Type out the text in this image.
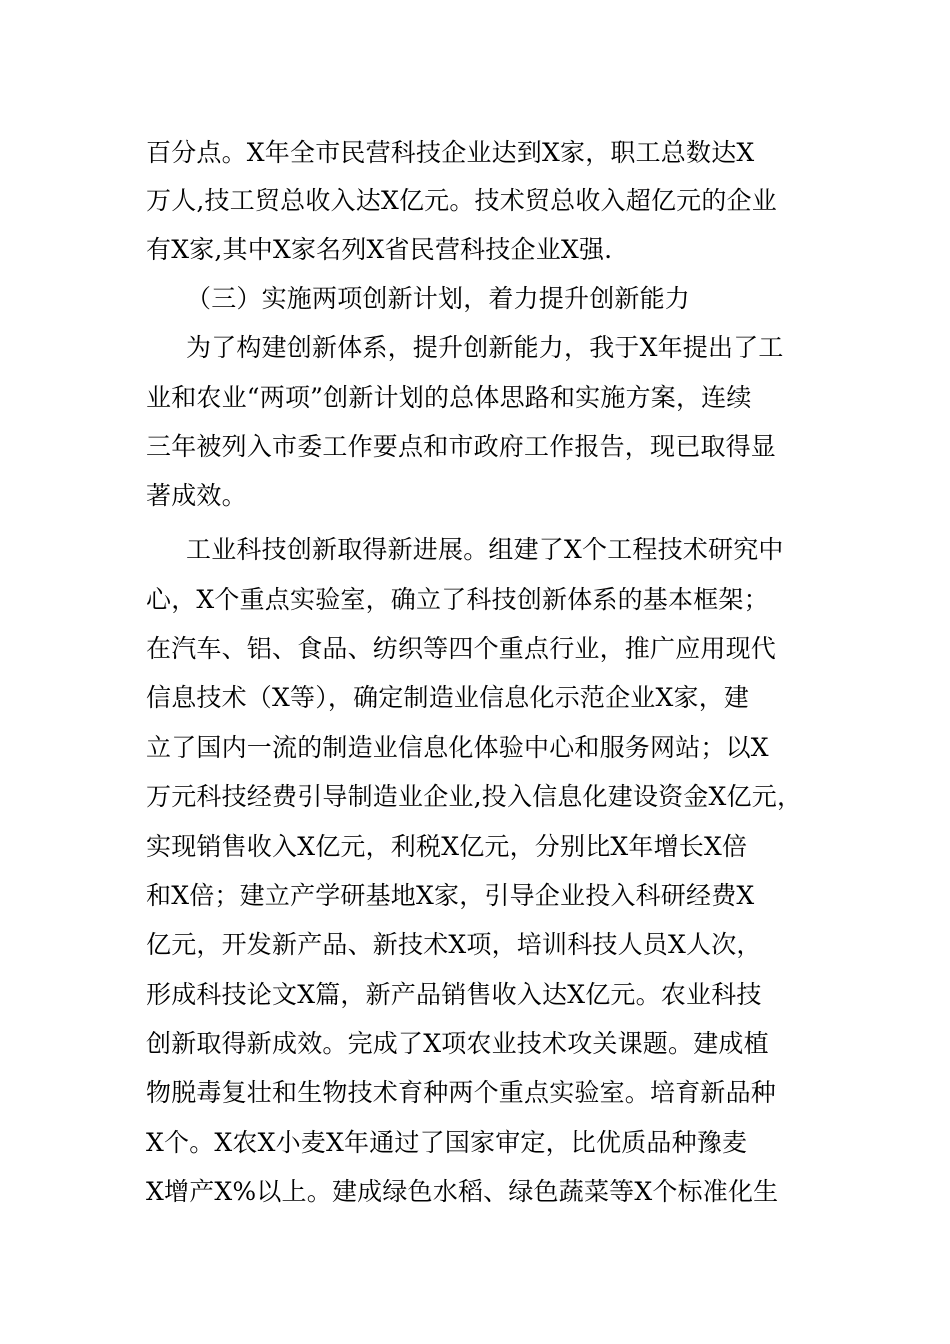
百分点。X年全市民营科技企业达到X家，职工总数达X
万人,技工贸总收入达X亿元。技术贸总收入超亿元的企业
有X家,其中X家名列X省民营科技企业X强.
（三）实施两项创新计划，着力提升创新能力
为了构建创新体系，提升创新能力，我于X年提出了工
业和农业“两项”创新计划的总体思路和实施方案，连续
三年被列入市委工作要点和市政府工作报告，现已取得显
著成效。
工业科技创新取得新进展。组建了X个工程技术研究中
心，X个重点实验室，确立了科技创新体系的基本框架；
在汽车、铝、食品、纺织等四个重点行业，推广应用现代
信息技术（X等），确定制造业信息化示范企业X家，建
立了国内一流的制造业信息化体验中心和服务网站；以X
万元科技经费引导制造业企业,投入信息化建设资金X亿元，
实现销售收入X亿元，利税X亿元，分别比X年增长X倍
和X倍；建立产学研基地X家，引导企业投入科研经费X
亿元，开发新产品、新技术X项，培训科技人员X人次，
形成科技论文X篇，新产品销售收入达X亿元。农业科技
创新取得新成效。完成了X项农业技术攻关课题。建成植
物脱毒复壮和生物技术育种两个重点实验室。培育新品种
X个。X农X小麦X年通过了国家审定，比优质品种豫麦
X增产X%以上。建成绿色水稻、绿色蔬菜等X个标准化生
